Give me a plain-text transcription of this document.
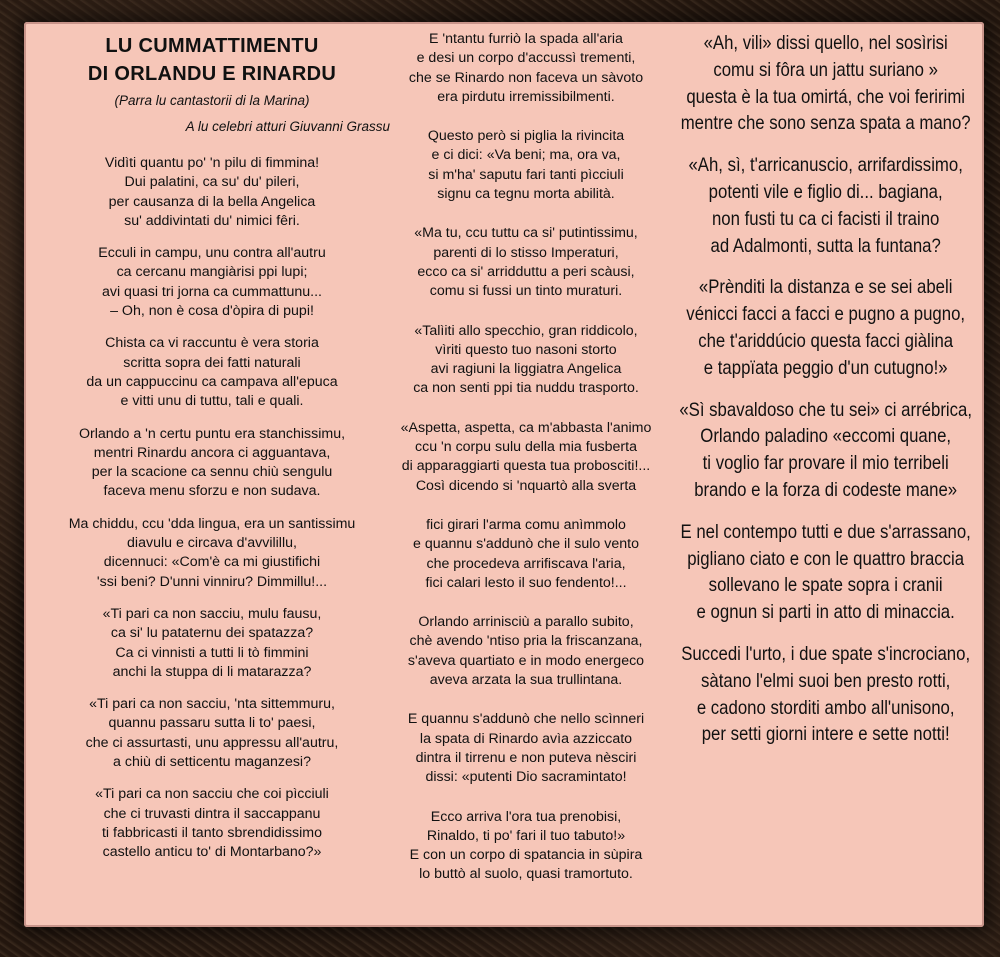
LU CUMMATTIMENTU
DI ORLANDU E RINARDU
(Parra lu cantastorii di la Marina)
A lu celebri atturi Giuvanni Grassu
Vidìti quantu po' 'n pilu di fimmina!
Dui palatini, ca su' du' pileri,
per causanza di la bella Angelica
su' addivintati du' nimici fêri.
Ecculi in campu, unu contra all'autru
ca cercanu mangiàrisi ppi lupi;
avi quasi tri jorna ca cummattunu...
– Oh, non è cosa d'òpira di pupi!
Chista ca vi raccuntu è vera storia
scritta sopra dei fatti naturali
da un cappuccinu ca campava all'epuca
e vitti unu di tuttu, tali e quali.
Orlando a 'n certu puntu era stanchissimu,
mentri Rinardu ancora ci agguantava,
per la scacione ca sennu chiù sengulu
faceva menu sforzu e non sudava.
Ma chiddu, ccu 'dda lingua, era un santissimu
diavulu e circava d'avvilillu,
dicennuci: «Com'è ca mi giustifichi
'ssi beni? D'unni vinniru? Dimmillu!...
«Ti pari ca non sacciu, mulu fausu,
ca si' lu pataternu dei spatazza?
Ca ci vinnisti a tutti li tò fimmini
anchi la stuppa di li matarazza?
«Ti pari ca non sacciu, 'nta sittemmuru,
quannu passaru sutta li to' paesi,
che ci assurtasti, unu appressu all'autru,
a chiù di setticentu maganzesi?
«Ti pari ca non sacciu che coi pìcciuli
che ci truvasti dintra il saccappanu
ti fabbricasti il tanto sbrendidissimo
castello anticu to' di Montarbano?»
E 'ntantu furriò la spada all'aria
e desi un corpo d'accussì trementi,
che se Rinardo non faceva un sàvoto
era pirdutu irremissibilmenti.
Questo però si piglia la rivincita
e ci dici: «Va beni; ma, ora va,
si m'ha' saputu fari tanti pìcciuli
signu ca tegnu morta abilità.
«Ma tu, ccu tuttu ca si' putintissimu,
parenti di lo stisso Imperaturi,
ecco ca si' arridduttu a peri scàusi,
comu si fussi un tinto muraturi.
«Talìiti allo specchio, gran riddicolo,
vìriti questo tuo nasoni storto
avi ragiuni la liggiatra Angelica
ca non senti ppi tia nuddu trasporto.
«Aspetta, aspetta, ca m'abbasta l'animo
ccu 'n corpu sulu della mia fusberta
di apparaggiarti questa tua probosciti!...
Così dicendo si 'nquartò alla sverta
fici girari l'arma comu anìmmolo
e quannu s'addunò che il sulo vento
che procedeva arrifiscava l'aria,
fici calari lesto il suo fendento!...
Orlando arrinisciù a parallo subito,
chè avendo 'ntiso pria la friscanzana,
s'aveva quartiato e in modo energeco
aveva arzata la sua trullintana.
E quannu s'addunò che nello scìnneri
la spata di Rinardo avìa azziccato
dintra il tirrenu e non puteva nèsciri
dissi: «putenti Dio sacramintato!
Ecco arriva l'ora tua prenobisi,
Rinaldo, ti po' fari il tuo tabuto!»
E con un corpo di spatancia in sùpira
lo buttò al suolo, quasi tramortuto.
«Ah, vili» dissi quello, nel sosìrisi
comu si fôra un jattu suriano »
questa è la tua omirtá, che voi feririmi
mentre che sono senza spata a mano?
«Ah, sì, t'arricanuscio, arrifardissimo,
potenti vile e figlio di... bagiana,
non fusti tu ca ci facisti il traino
ad Adalmonti, sutta la funtana?
«Prènditi la distanza e se sei abeli
vénicci facci a facci e pugno a pugno,
che t'ariddúcio questa facci giàlina
e tappïata peggio d'un cutugno!»
«Sì sbavaldoso che tu sei» ci arrébrica,
Orlando paladino «eccomi quane,
ti voglio far provare il mio terribeli
brando e la forza di codeste mane»
E nel contempo tutti e due s'arrassano,
pigliano ciato e con le quattro braccia
sollevano le spate sopra i cranii
e ognun si parti in atto di minaccia.
Succedi l'urto, i due spate s'incrociano,
sàtano l'elmi suoi ben presto rotti,
e cadono storditi ambo all'unisono,
per setti giorni intere e sette notti!
